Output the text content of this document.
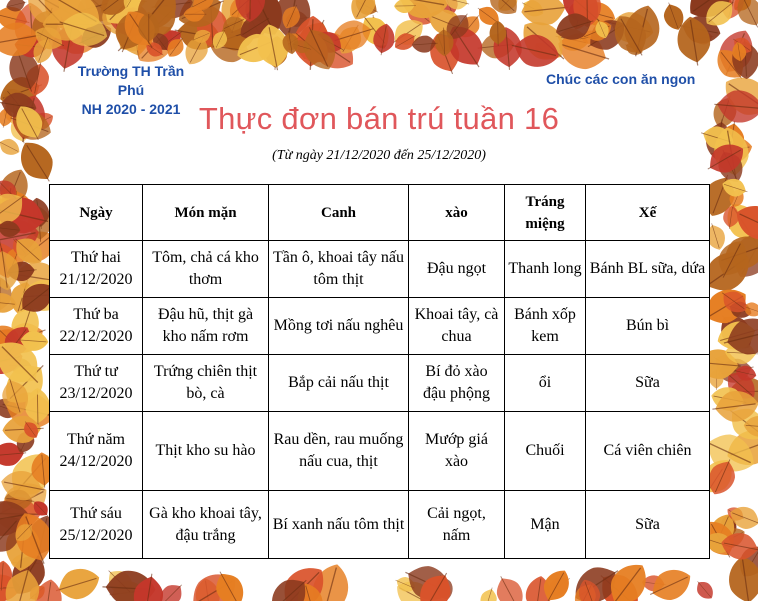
Trường TH Trần Phú
NH 2020 - 2021
Chúc các con ăn ngon
Thực đơn bán trú tuần 16
(Từ ngày 21/12/2020 đến 25/12/2020)
Ngày	Món mặn	Canh	xào	Tráng miệng	Xế

Thứ hai
21/12/2020	Tôm, chả cá kho thơm	Tần ô, khoai tây nấu tôm thịt	Đậu ngọt	Thanh long	Bánh BL sữa, dứa

Thứ ba
22/12/2020	Đậu hũ, thịt gà kho nấm rơm	Mồng tơi nấu nghêu	Khoai tây, cà chua	Bánh xốp kem	Bún bì

Thứ tư
23/12/2020	Trứng chiên thịt bò, cà	Bắp cải nấu thịt	Bí đỏ xào đậu phộng	ổi	Sữa

Thứ năm
24/12/2020	Thịt kho su hào	Rau dền, rau muống nấu cua, thịt	Mướp giá xào	Chuối	Cá viên chiên

Thứ sáu
25/12/2020	Gà kho khoai tây, đậu trắng	Bí xanh nấu tôm thịt	Cải ngọt, nấm	Mận	Sữa
